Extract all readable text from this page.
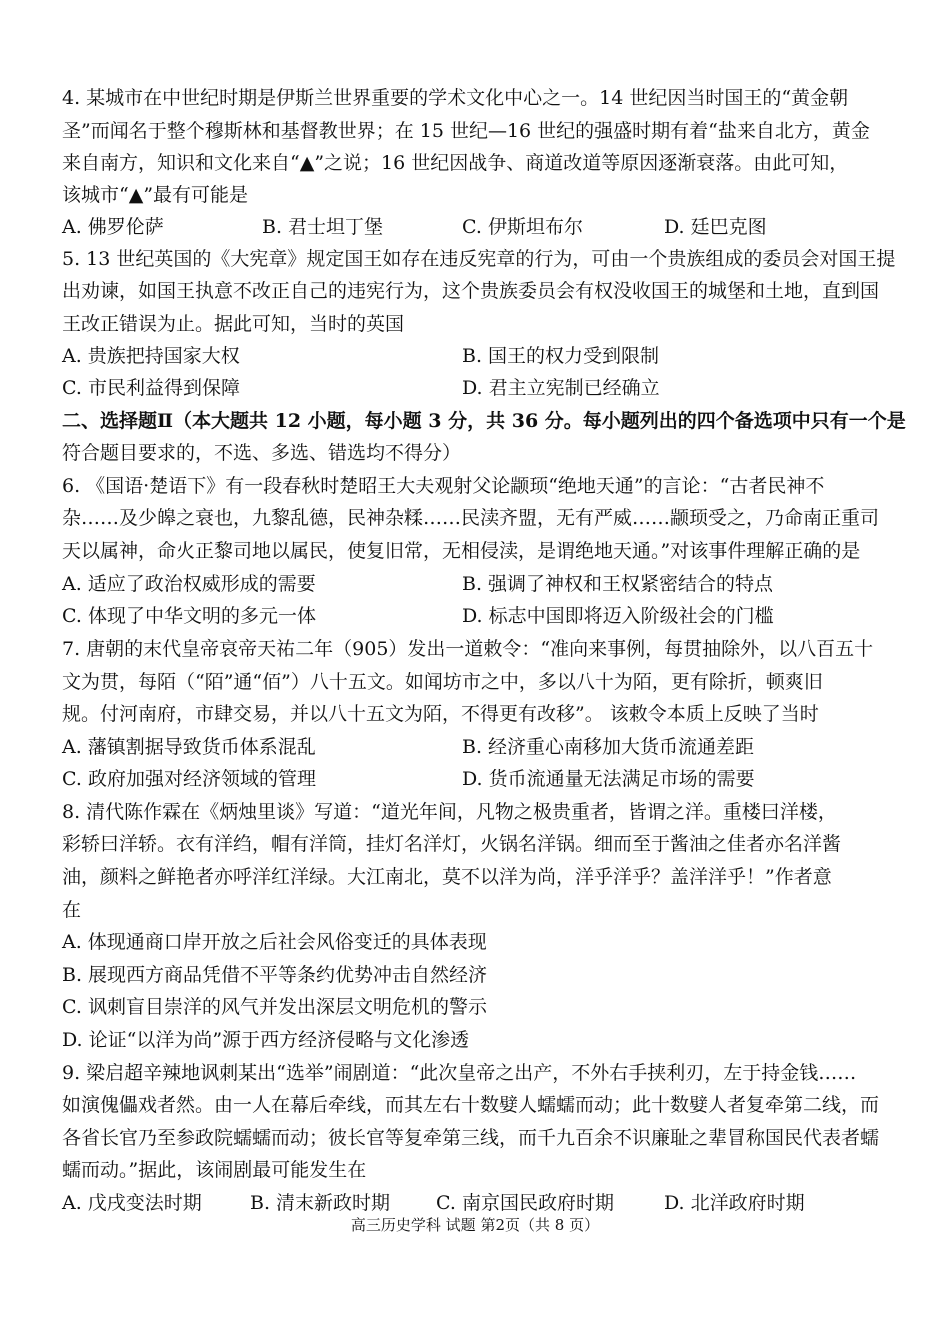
4. 某城市在中世纪时期是伊斯兰世界重要的学术文化中心之一。14 世纪因当时国王的“黄金朝
圣”而闻名于整个穆斯林和基督教世界；在 15 世纪—16 世纪的强盛时期有着“盐来自北方，黄金
来自南方，知识和文化来自“▲”之说；16 世纪因战争、商道改道等原因逐渐衰落。由此可知，
该城市“▲”最有可能是
A. 佛罗伦萨	B. 君士坦丁堡	C. 伊斯坦布尔	D. 廷巴克图
5. 13 世纪英国的《大宪章》规定国王如存在违反宪章的行为，可由一个贵族组成的委员会对国王提
出劝谏，如国王执意不改正自己的违宪行为，这个贵族委员会有权没收国王的城堡和土地，直到国
王改正错误为止。据此可知，当时的英国
A. 贵族把持国家大权	B. 国王的权力受到限制
C. 市民利益得到保障	D. 君主立宪制已经确立
二、选择题Ⅱ（本大题共 12 小题，每小题 3 分，共 36 分。每小题列出的四个备选项中只有一个是
符合题目要求的，不选、多选、错选均不得分）
6. 《国语·楚语下》有一段春秋时楚昭王大夫观射父论颛顼“绝地天通”的言论：“古者民神不
杂……及少皞之衰也，九黎乱德，民神杂糅……民渎齐盟，无有严威……颛顼受之，乃命南正重司
天以属神，命火正黎司地以属民，使复旧常，无相侵渎，是谓绝地天通。”对该事件理解正确的是
A. 适应了政治权威形成的需要	B. 强调了神权和王权紧密结合的特点
C. 体现了中华文明的多元一体	D. 标志中国即将迈入阶级社会的门槛
7. 唐朝的末代皇帝哀帝天祐二年（905）发出一道敕令：“准向来事例，每贯抽除外，以八百五十
文为贯，每陌（“陌”通“佰”）八十五文。如闻坊市之中，多以八十为陌，更有除折，顿爽旧
规。付河南府，市肆交易，并以八十五文为陌，不得更有改移”。 该敕令本质上反映了当时
A. 藩镇割据导致货币体系混乱	B. 经济重心南移加大货币流通差距
C. 政府加强对经济领域的管理	D. 货币流通量无法满足市场的需要
8. 清代陈作霖在《炳烛里谈》写道：“道光年间，凡物之极贵重者，皆谓之洋。重楼曰洋楼，
彩轿曰洋轿。衣有洋绉，帽有洋筒，挂灯名洋灯，火锅名洋锅。细而至于酱油之佳者亦名洋酱
油，颜料之鲜艳者亦呼洋红洋绿。大江南北，莫不以洋为尚，洋乎洋乎？盖洋洋乎！”作者意
在
A. 体现通商口岸开放之后社会风俗变迁的具体表现
B. 展现西方商品凭借不平等条约优势冲击自然经济
C. 讽刺盲目崇洋的风气并发出深层文明危机的警示
D. 论证“以洋为尚”源于西方经济侵略与文化渗透
9. 梁启超辛辣地讽刺某出“选举”闹剧道：“此次皇帝之出产，不外右手挟利刃，左于持金钱……
如演傀儡戏者然。由一人在幕后牵线，而其左右十数嬖人蠕蠕而动；此十数嬖人者复牵第二线，而
各省长官乃至参政院蠕蠕而动；彼长官等复牵第三线，而千九百余不识廉耻之辈冒称国民代表者蠕
蠕而动。”据此，该闹剧最可能发生在
A. 戊戌变法时期	B. 清末新政时期 C. 南京国民政府时期	D. 北洋政府时期
高三历史学科 试题 第2页（共 8 页）
